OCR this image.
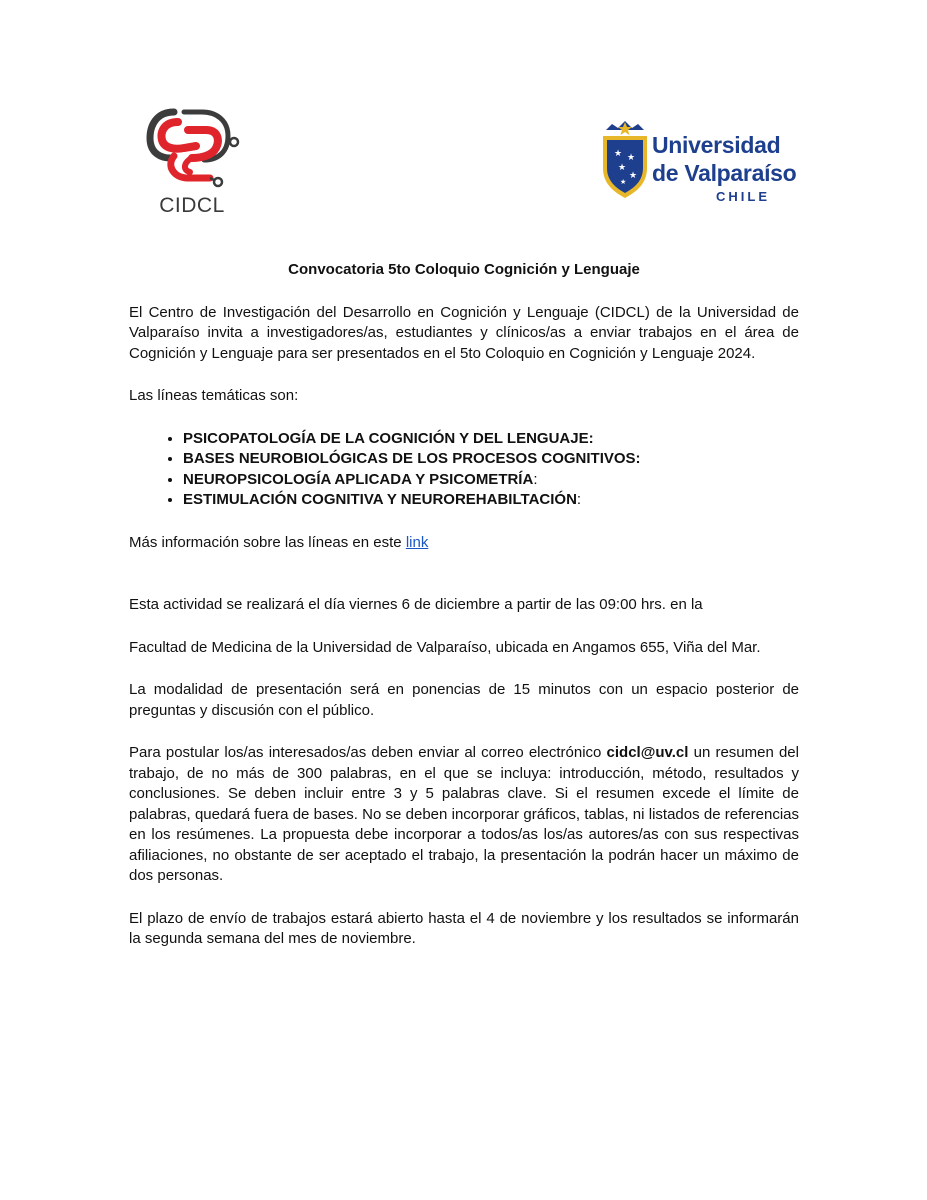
CIDCL
★ ★
★
★
★
Universidad
de Valparaíso
CHILE

Convocatoria 5to Coloquio Cognición y Lenguaje

El Centro de Investigación del Desarrollo en Cognición y Lenguaje (CIDCL) de la Universidad de Valparaíso invita a investigadores/as, estudiantes y clínicos/as a enviar trabajos en el área de Cognición y Lenguaje para ser presentados en el 5to Coloquio en Cognición y Lenguaje 2024.

Las líneas temáticas son:

• PSICOPATOLOGÍA DE LA COGNICIÓN Y DEL LENGUAJE:
• BASES NEUROBIOLÓGICAS DE LOS PROCESOS COGNITIVOS:
• NEUROPSICOLOGÍA APLICADA Y PSICOMETRÍA:
• ESTIMULACIÓN COGNITIVA Y NEUROREHABILTACIÓN:

Más información sobre las líneas en este link

Esta actividad se realizará el día viernes 6 de diciembre a partir de las 09:00 hrs. en la

Facultad de Medicina de la Universidad de Valparaíso, ubicada en Angamos 655, Viña del Mar.

La modalidad de presentación será en ponencias de 15 minutos con un espacio posterior de preguntas y discusión con el público.

Para postular los/as interesados/as deben enviar al correo electrónico cidcl@uv.cl un resumen del trabajo, de no más de 300 palabras, en el que se incluya: introducción, método, resultados y conclusiones. Se deben incluir entre 3 y 5 palabras clave. Si el resumen excede el límite de palabras, quedará fuera de bases. No se deben incorporar gráficos, tablas, ni listados de referencias en los resúmenes. La propuesta debe incorporar a todos/as los/as autores/as con sus respectivas afiliaciones, no obstante de ser aceptado el trabajo, la presentación la podrán hacer un máximo de dos personas.

El plazo de envío de trabajos estará abierto hasta el 4 de noviembre y los resultados se informarán la segunda semana del mes de noviembre.
